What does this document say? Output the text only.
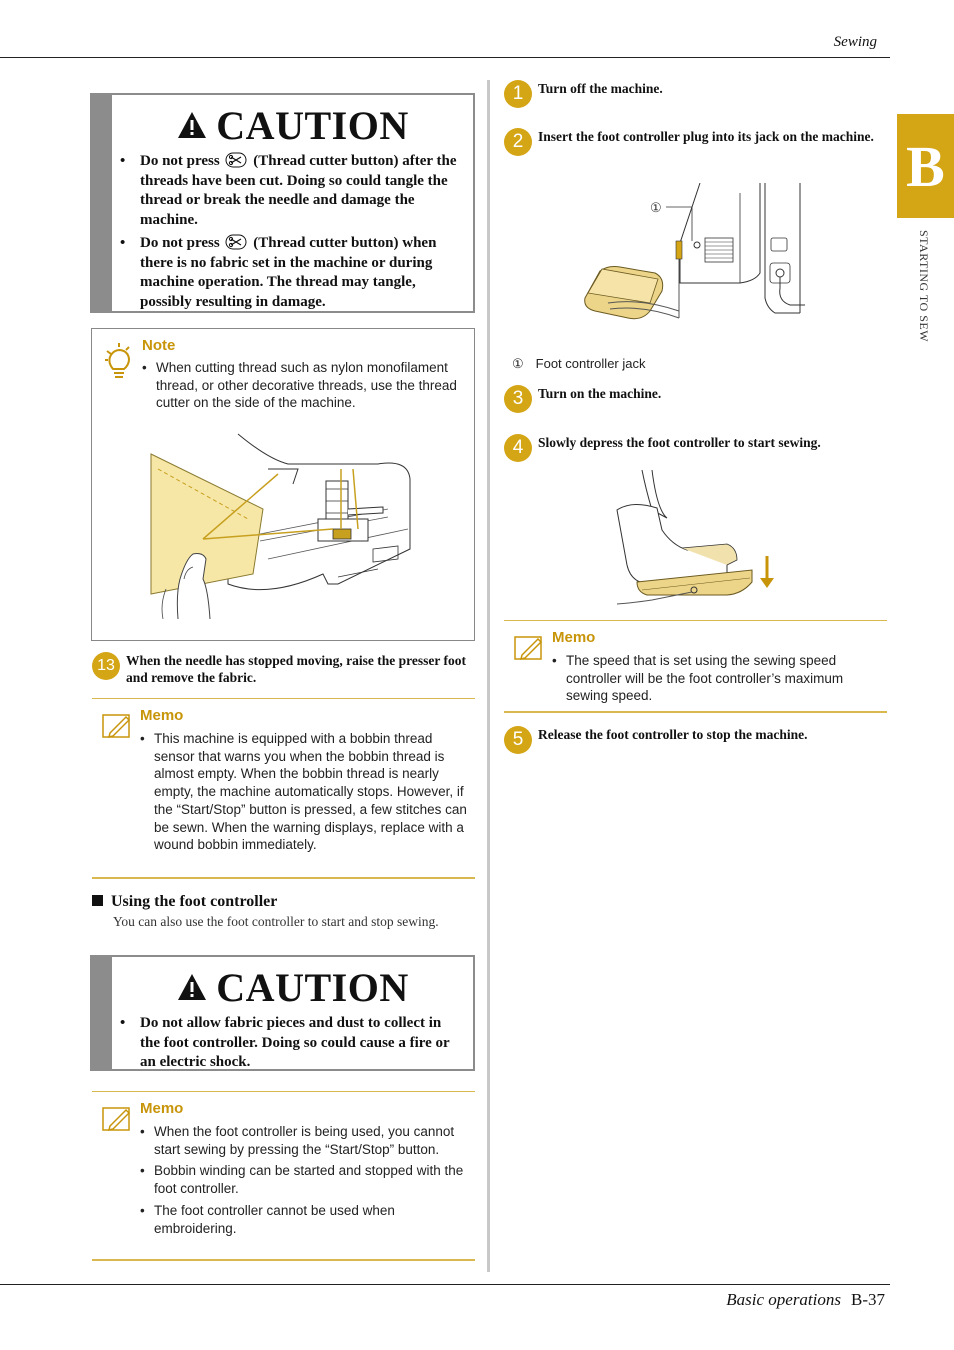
Sewing
B
STARTING TO SEW
CAUTION
• Do not press (Thread cutter button) after the threads have been cut. Doing so could tangle the thread or break the needle and damage the machine.
• Do not press (Thread cutter button) when there is no fabric set in the machine or during machine operation. The thread may tangle, possibly resulting in damage.
Note
• When cutting thread such as nylon monofilament thread, or other decorative threads, use the thread cutter on the side of the machine.
13 When the needle has stopped moving, raise the presser foot and remove the fabric.
Memo
• This machine is equipped with a bobbin thread sensor that warns you when the bobbin thread is almost empty. When the bobbin thread is nearly empty, the machine automatically stops. However, if the “Start/Stop” button is pressed, a few stitches can be sewn. When the warning displays, replace with a wound bobbin immediately.
Using the foot controller
You can also use the foot controller to start and stop sewing.
CAUTION
• Do not allow fabric pieces and dust to collect in the foot controller. Doing so could cause a fire or an electric shock.
Memo
• When the foot controller is being used, you cannot start sewing by pressing the “Start/Stop” button.
• Bobbin winding can be started and stopped with the foot controller.
• The foot controller cannot be used when embroidering.
1	Turn off the machine.
2	Insert the foot controller plug into its jack on the machine.
①
① Foot controller jack
3	Turn on the machine.
4	Slowly depress the foot controller to start sewing.
Memo
• The speed that is set using the sewing speed controller will be the foot controller’s maximum sewing speed.
5	Release the foot controller to stop the machine.
Basic operations B-37
